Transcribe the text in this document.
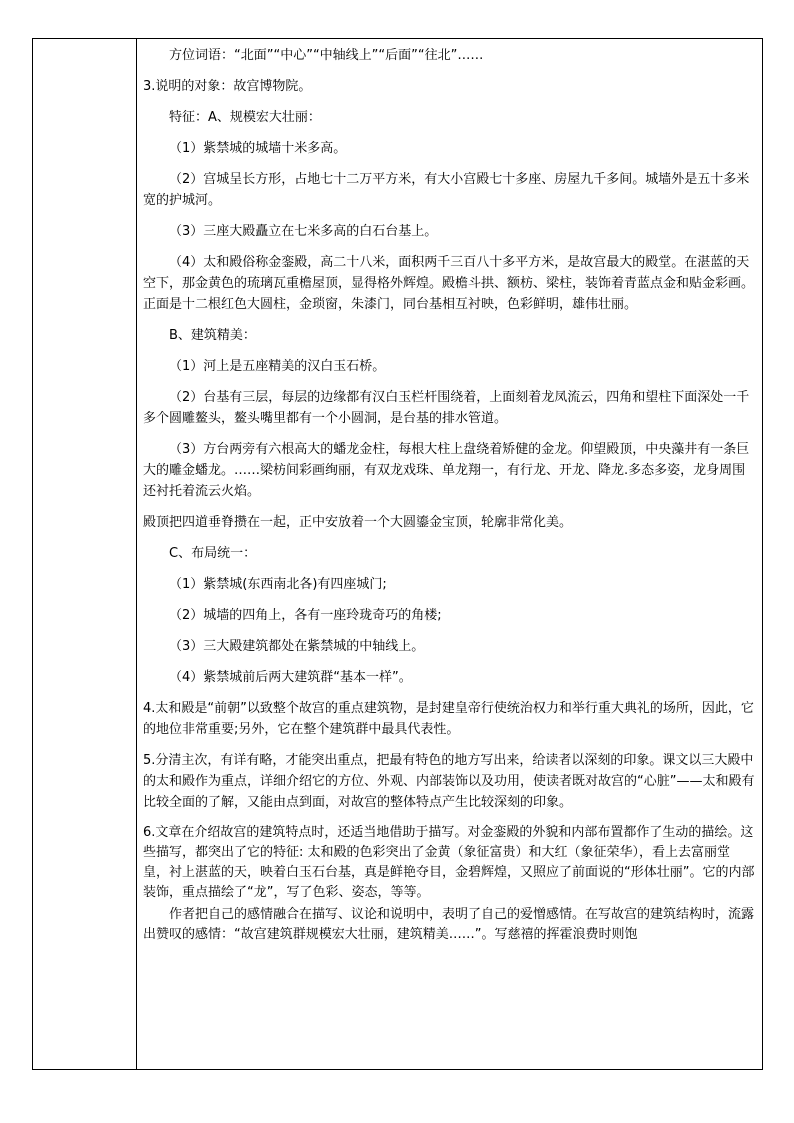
方位词语：“北面”“中心”“中轴线上”“后面”“往北”……

3.说明的对象：故宫博物院。

特征：A、规模宏大壮丽：

（1）紫禁城的城墙十米多高。

（2）宫城呈长方形，占地七十二万平方米，有大小宫殿七十多座、房屋九千多间。城墙外是五十多米宽的护城河。

（3）三座大殿矗立在七米多高的白石台基上。

（4）太和殿俗称金銮殿，高二十八米，面积两千三百八十多平方米，是故宫最大的殿堂。在湛蓝的天空下，那金黄色的琉璃瓦重檐屋顶，显得格外辉煌。殿檐斗拱、额枋、梁柱，装饰着青蓝点金和贴金彩画。正面是十二根红色大圆柱，金琐窗，朱漆门，同台基相互衬映，色彩鲜明，雄伟壮丽。

B、建筑精美：

（1）河上是五座精美的汉白玉石桥。

（2）台基有三层，每层的边缘都有汉白玉栏杆围绕着，上面刻着龙凤流云，四角和望柱下面深处一千多个圆雕鳌头，鳌头嘴里都有一个小圆洞，是台基的排水管道。

（3）方台两旁有六根高大的蟠龙金柱，每根大柱上盘绕着矫健的金龙。仰望殿顶，中央藻井有一条巨大的雕金蟠龙。……梁枋间彩画绚丽，有双龙戏珠、单龙翔一，有行龙、开龙、降龙.多态多姿，龙身周围还衬托着流云火焰。

殿顶把四道垂脊攒在一起，正中安放着一个大圆鎏金宝顶，轮廓非常化美。

C、布局统一：

（1）紫禁城(东西南北各)有四座城门;

（2）城墙的四角上，各有一座玲珑奇巧的角楼;

（3）三大殿建筑都处在紫禁城的中轴线上。

（4）紫禁城前后两大建筑群“基本一样”。

4.太和殿是“前朝”以致整个故宫的重点建筑物，是封建皇帝行使统治权力和举行重大典礼的场所，因此，它的地位非常重要;另外，它在整个建筑群中最具代表性。

5.分清主次，有详有略，才能突出重点，把最有特色的地方写出来，给读者以深刻的印象。课文以三大殿中的太和殿作为重点，详细介绍它的方位、外观、内部装饰以及功用，使读者既对故宫的“心脏”——太和殿有比较全面的了解，又能由点到面，对故宫的整体特点产生比较深刻的印象。

6.文章在介绍故宫的建筑特点时，还适当地借助于描写。对金銮殿的外貌和内部布置都作了生动的描绘。这些描写，都突出了它的特征: 太和殿的色彩突出了金黄（象征富贵）和大红（象征荣华），看上去富丽堂皇，衬上湛蓝的天，映着白玉石台基，真是鲜艳夺目，金碧辉煌，又照应了前面说的“形体壮丽”。它的内部装饰，重点描绘了“龙”，写了色彩、姿态，等等。

作者把自己的感情融合在描写、议论和说明中，表明了自己的爱憎感情。在写故宫的建筑结构时，流露出赞叹的感情：“故宫建筑群规模宏大壮丽，建筑精美……”。写慈禧的挥霍浪费时则饱
